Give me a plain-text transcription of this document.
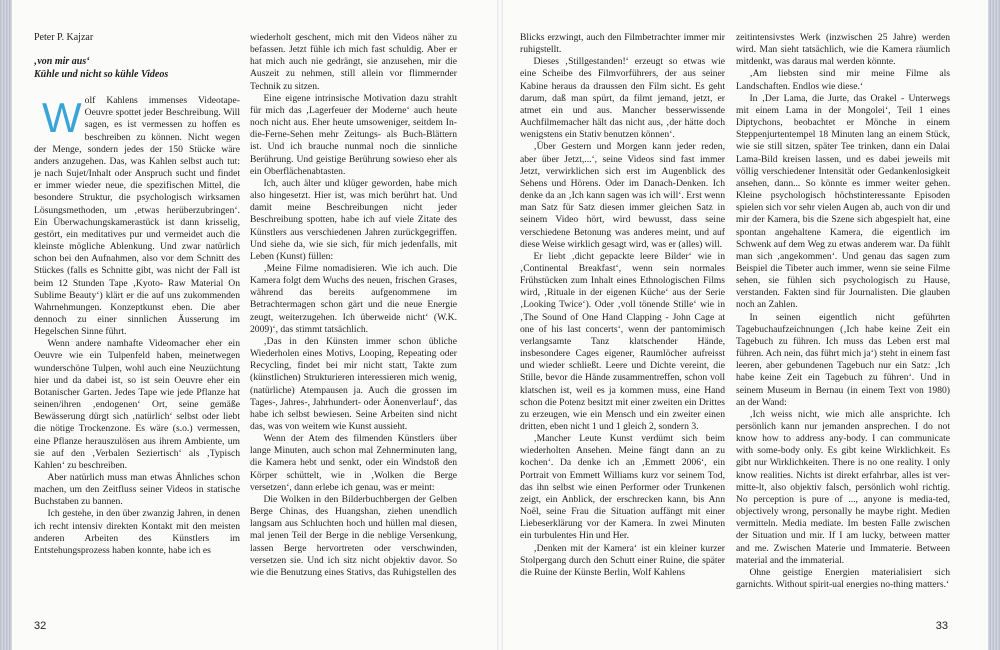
Peter P. Kajzar
‚von mir aus‘
Kühle und nicht so kühle Videos

Wolf Kahlens immenses Videotape-Oeuvre spottet jeder Beschreibung. Will sagen, es ist vermessen zu hoffen es beschreiben zu können. Nicht wegen der Menge, sondern jedes der 150 Stücke wäre anders anzugehen. Das, was Kahlen selbst auch tut: je nach Sujet/Inhalt oder Anspruch sucht und findet er immer wieder neue, die spezifischen Mittel, die besondere Struktur, die psychologisch wirksamen Lösungsmethoden, um ‚etwas herüberzubringen‘. Ein Überwachungskamerastück ist dann krisselig, gestört, ein meditatives pur und vermeidet auch die kleinste mögliche Ablenkung. Und zwar natürlich schon bei den Aufnahmen, also vor dem Schnitt des Stückes (falls es Schnitte gibt, was nicht der Fall ist beim 12 Stunden Tape ‚Kyoto- Raw Material On Sublime Beauty‘) klärt er die auf uns zukommenden Wahrnehmungen. Konzeptkunst eben. Die aber dennoch zu einer sinnlichen Äusserung im Hegelschen Sinne führt.

Wenn andere namhafte Videomacher eher ein Oeuvre wie ein Tulpenfeld haben, meinetwegen wunderschöne Tulpen, wohl auch eine Neuzüchtung hier und da dabei ist, so ist sein Oeuvre eher ein Botanischer Garten. Jedes Tape wie jede Pflanze hat seinen/ihren ‚endogenen‘ Ort, seine gemäße Bewässerung dürgt sich ‚natürlich‘ selbst oder liebt die nötige Trockenzone. Es wäre (s.o.) vermessen, eine Pflanze herauszulösen aus ihrem Ambiente, um sie auf den ‚Verbalen Seziertisch‘ als ‚Typisch Kahlen‘ zu beschreiben.

Aber natürlich muss man etwas Ähnliches schon machen, um den Zeitfluss seiner Videos in statische Buchstaben zu bannen.

Ich gestehe, in den über zwanzig Jahren, in denen ich recht intensiv direkten Kontakt mit den meisten anderen Arbeiten des Künstlers im Entstehungsprozess haben konnte, habe ich es

wiederholt geschent, mich mit den Videos näher zu befassen. Jetzt fühle ich mich fast schuldig. Aber er hat mich auch nie gedrängt, sie anzusehen, mir die Auszeit zu nehmen, still allein vor flimmernder Technik zu sitzen.

Eine eigene intrinsische Motivation dazu strahlt für mich das ‚Lagerfeuer der Moderne‘ auch heute noch nicht aus. Eher heute umsoweniger, seitdem In-die-Ferne-Sehen mehr Zeitungs- als Buch-Blättern ist. Und ich brauche nunmal noch die sinnliche Berührung. Und geistige Berührung sowieso eher als ein Oberflächenabtasten.

Ich, auch älter und klüger geworden, habe mich also hingesetzt. Hier ist, was mich berührt hat. Und damit meine Beschreibungen nicht jeder Beschreibung spotten, habe ich auf viele Zitate des Künstlers aus verschiedenen Jahren zurückgegriffen. Und siehe da, wie sie sich, für mich jedenfalls, mit Leben (Kunst) füllen:

‚Meine Filme nomadisieren. Wie ich auch. Die Kamera folgt dem Wuchs des neuen, frischen Grases, während das bereits aufgenommene im Betrachtermagen schon gärt und die neue Energie zeugt, weiterzugehen. Ich überweide nicht‘ (W.K. 2009)‘, das stimmt tatsächlich.

‚Das in den Künsten immer schon übliche Wiederholen eines Motivs, Looping, Repeating oder Recycling, findet bei mir nicht statt, Takte zum (künstlichen) Strukturieren interessieren mich wenig, (natürliche) Atempausen ja. Auch die grossen im Tages-, Jahres-, Jahrhundert- oder Äonenverlauf‘, das habe ich selbst bewiesen. Seine Arbeiten sind nicht das, was von weitem wie Kunst aussieht.

Wenn der Atem des filmenden Künstlers über lange Minuten, auch schon mal Zehnerminuten lang, die Kamera hebt und senkt, oder ein Windstoß den Körper schüttelt, wie in ‚Wolken die Berge versetzen‘, dann erlebe ich genau, was er meint:

Die Wolken in den Bilderbuchbergen der Gelben Berge Chinas, des Huangshan, ziehen unendlich langsam aus Schluchten hoch und hüllen mal diesen, mal jenen Teil der Berge in die neblige Versenkung, lassen Berge hervortreten oder verschwinden, versetzen sie. Und ich sitz nicht objektiv davor. So wie die Benutzung eines Stativs, das Ruhigstellen des

32

Blicks erzwingt, auch den Filmbetrachter immer mir ruhigstellt.

Dieses ‚Stillgestanden!‘ erzeugt so etwas wie eine Scheibe des Filmvorführers, der aus seiner Kabine heraus da draussen den Film sicht. Es geht darum, daß man spürt, da filmt jemand, jetzt, er atmet ein und aus. Mancher besserwissende Auchfilmemacher hält das nicht aus, ‚der hätte doch wenigstens ein Stativ benutzen können‘.

‚Über Gestern und Morgen kann jeder reden, aber über Jetzt,...‘, seine Videos sind fast immer Jetzt, verwirklichen sich erst im Augenblick des Sehens und Hörens. Oder im Danach-Denken. Ich denke da an ‚Ich kann sagen was ich will‘. Erst wenn man Satz für Satz diesen immer gleichen Satz in seinem Video hört, wird bewusst, dass seine verschiedene Betonung was anderes meint, und auf diese Weise wirklich gesagt wird, was er (alles) will.

Er liebt ‚dicht gepackte leere Bilder‘ wie in ‚Continental Breakfast‘, wenn sein normales Frühstücken zum Inhalt eines Ethnologischen Films wird, ‚Rituale in der eigenen Küche‘ aus der Serie ‚Looking Twice‘). Oder ‚voll tönende Stille‘ wie in ‚The Sound of One Hand Clapping - John Cage at one of his last concerts‘, wenn der pantomimisch verlangsamte Tanz klatschender Hände, insbesondere Cages eigener, Raumlöcher aufreisst und wieder schließt. Leere und Dichte vereint, die Stille, bevor die Hände zusammentreffen, schon voll klatschen ist, weil es ja kommen muss, eine Hand schon die Potenz besitzt mit einer zweiten ein Drittes zu erzeugen, wie ein Mensch und ein zweiter einen dritten, eben nicht 1 und 1 gleich 2, sondern 3.

‚Mancher Leute Kunst verdümt sich beim wiederholten Ansehen. Meine fängt dann an zu kochen‘. Da denke ich an ‚Emmett 2006‘, ein Portrait von Emmett Williams kurz vor seinem Tod, das ihn selbst wie einen Performer oder Trunkenen zeigt, ein Anblick, der erschrecken kann, bis Ann Noël, seine Frau die Situation auffängt mit einer Liebeserklärung vor der Kamera. In zwei Minuten ein turbulentes Hin und Her.

‚Denken mit der Kamera‘ ist ein kleiner kurzer Stolpergang durch den Schutt einer Ruine, die später die Ruine der Künste Berlin, Wolf Kahlens

zeitintensivstes Werk (inzwischen 25 Jahre) werden wird. Man sieht tatsächlich, wie die Kamera räumlich mitdenkt, was daraus mal werden könnte.

‚Am liebsten sind mir meine Filme als Landschaften. Endlos wie diese.‘

In ‚Der Lama, die Jurte, das Orakel - Unterwegs mit einem Lama in der Mongolei‘, Teil 1 eines Diptychons, beobachtet er Mönche in einem Steppenjurtentempel 18 Minuten lang an einem Stück, wie sie still sitzen, später Tee trinken, dann ein Dalai Lama-Bild kreisen lassen, und es dabei jeweils mit völlig verschiedener Intensität oder Gedankenlosigkeit ansehen, dann... So könnte es immer weiter gehen. Kleine psychologisch höchstinteressante Episoden spielen sich vor sehr vielen Augen ab, auch von dir und mir der Kamera, bis die Szene sich abgespielt hat, eine spontan angehaltene Kamera, die eigentlich im Schwenk auf dem Weg zu etwas anderem war. Da fühlt man sich ‚angekommen‘. Und genau das sagen zum Beispiel die Tibeter auch immer, wenn sie seine Filme sehen, sie fühlen sich psychologisch zu Hause, verstanden. Fakten sind für Journalisten. Die glauben noch an Zahlen.

In seinen eigentlich nicht geführten Tagebuchaufzeichnungen (‚Ich habe keine Zeit ein Tagebuch zu führen. Ich muss das Leben erst mal führen. Ach nein, das führt mich ja‘) steht in einem fast leeren, aber gebundenen Tagebuch nur ein Satz: ‚Ich habe keine Zeit ein Tagebuch zu führen‘. Und in seinem Museum in Bernau (in einem Text von 1980) an der Wand:

‚Ich weiss nicht, wie mich alle ansprichte. Ich persönlich kann nur jemanden ansprechen. I do not know how to address any-body. I can communicate with some-body only. Es gibt keine Wirklichkeit. Es gibt nur Wirklichkeiten. There is no one reality. I only know realities. Nichts ist direkt erfahrbar, alles ist ver-mitte-lt, also objektiv falsch, persönlich wohl richtig. No perception is pure of ..., anyone is media-ted, objectively wrong, personally he maybe right. Medien vermitteln. Media mediate. Im besten Falle zwischen der Situation und mir. If I am lucky, between matter and me. Zwischen Materie und Immaterie. Between material and the immaterial.

Ohne geistige Energien materialisiert sich garnichts. Without spirit-ual energies no-thing matters.‘

33
